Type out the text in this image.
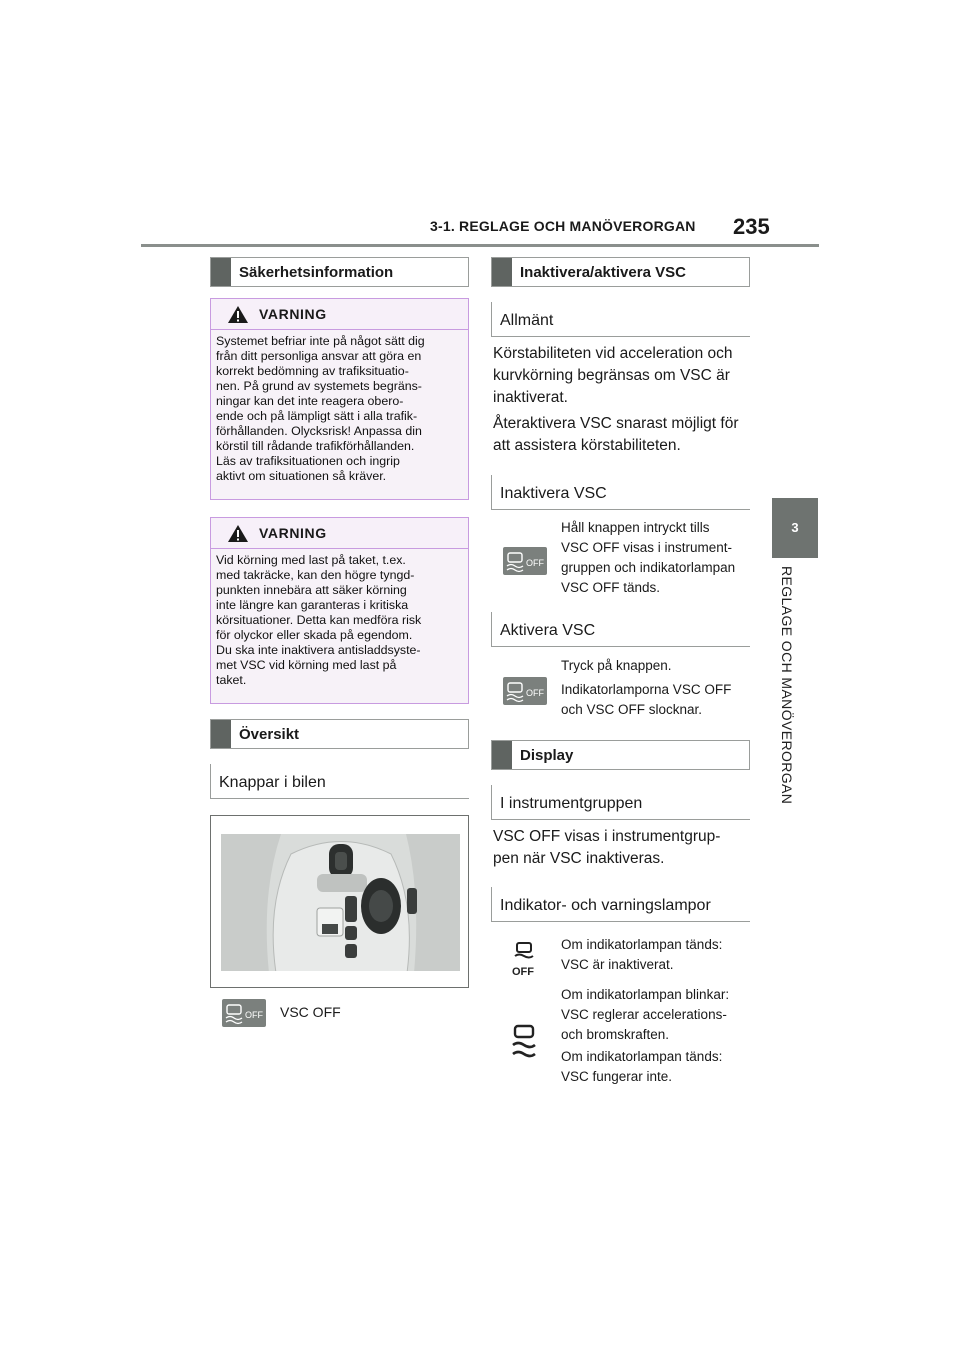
3-1. REGLAGE OCH MANÖVERORGAN 235
3
REGLAGE OCH MANÖVERORGAN
Säkerhetsinformation
VARNING
Systemet befriar inte på något sätt dig
från ditt personliga ansvar att göra en
korrekt bedömning av trafiksituatio-
nen. På grund av systemets begräns-
ningar kan det inte reagera obero-
ende och på lämpligt sätt i alla trafik-
förhållanden. Olycksrisk! Anpassa din
körstil till rådande trafikförhållanden.
Läs av trafiksituationen och ingrip
aktivt om situationen så kräver.
VARNING
Vid körning med last på taket, t.ex.
med takräcke, kan den högre tyngd-
punkten innebära att säker körning
inte längre kan garanteras i kritiska
körsituationer. Detta kan medföra risk
för olyckor eller skada på egendom.
Du ska inte inaktivera antisladdsyste-
met VSC vid körning med last på
taket.
Översikt
Knappar i bilen
OFF VSC OFF
Inaktivera/aktivera VSC
Allmänt
Körstabiliteten vid acceleration och
kurvkörning begränsas om VSC är
inaktiverat.
Återaktivera VSC snarast möjligt för
att assistera körstabiliteten.
Inaktivera VSC
OFF
Håll knappen intryckt tills
VSC OFF visas i instrument-
gruppen och indikatorlampan
VSC OFF tänds.
Aktivera VSC
Tryck på knappen.
OFF Indikatorlamporna VSC OFF
och VSC OFF slocknar.
Display
I instrumentgruppen
VSC OFF visas i instrumentgrup-
pen när VSC inaktiveras.
Indikator- och varningslampor
OFF
Om indikatorlampan tänds:
VSC är inaktiverat.
Om indikatorlampan blinkar:
VSC reglerar accelerations-
och bromskraften.
Om indikatorlampan tänds:
VSC fungerar inte.
